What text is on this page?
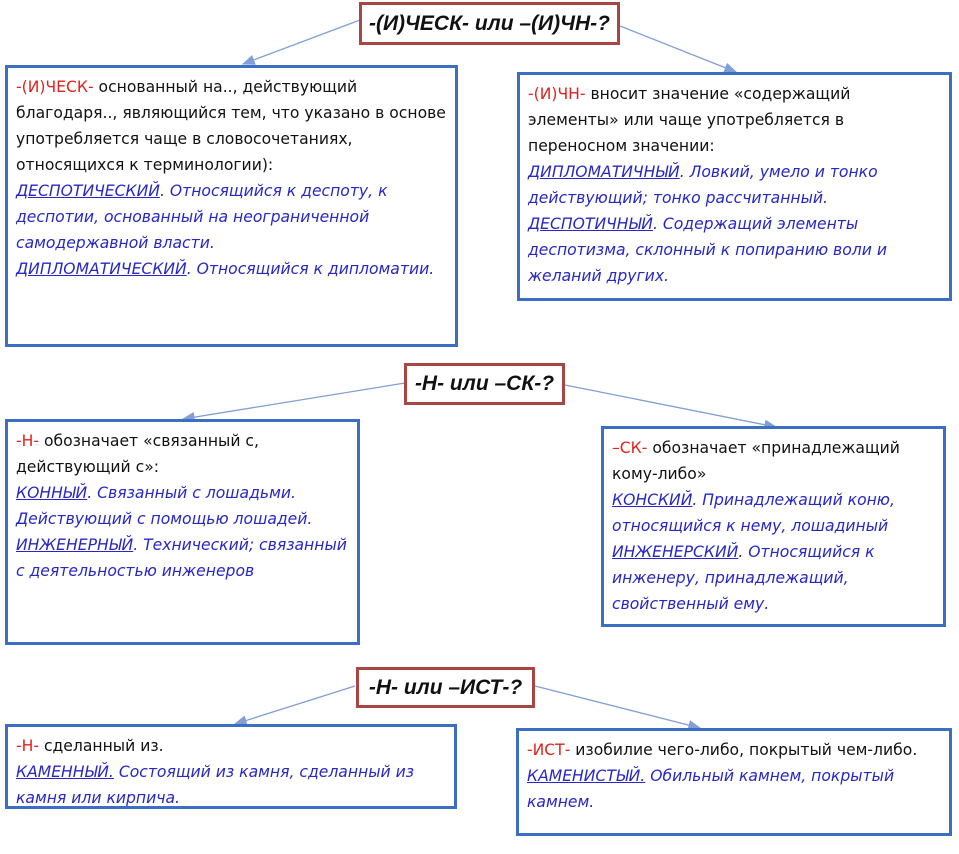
-(И)ЧЕСК- или –(И)ЧН-?
-(И)ЧЕСК- основанный на.., действующий благодаря.., являющийся тем, что указано в основе употребляется чаще в словосочетаниях, относящихся к терминологии):
ДЕСПОТИЧЕСКИЙ. Относящийся к деспоту, к деспотии, основанный на неограниченной самодержавной власти.
ДИПЛОМАТИЧЕСКИЙ. Относящийся к дипломатии.
-(И)ЧН- вносит значение «содержащий элементы» или чаще употребляется в переносном значении:
ДИПЛОМАТИЧНЫЙ. Ловкий, умело и тонко действующий; тонко рассчитанный.
ДЕСПОТИЧНЫЙ. Содержащий элементы деспотизма, склонный к попиранию воли и желаний других.
-Н- или –СК-?
-Н- обозначает «связанный с, действующий с»:
КОННЫЙ. Связанный с лошадьми. Действующий с помощью лошадей.
ИНЖЕНЕРНЫЙ. Технический; связанный с деятельностью инженеров
–СК- обозначает «принадлежащий кому-либо»
КОНСКИЙ. Принадлежащий коню, относящийся к нему, лошадиный
ИНЖЕНЕРСКИЙ. Относящийся к инженеру, принадлежащий, свойственный ему.
-Н- или –ИСТ-?
-Н- сделанный из.
КАМЕННЫЙ. Состоящий из камня, сделанный из камня или кирпича.
-ИСТ- изобилие чего-либо, покрытый чем-либо.
КАМЕНИСТЫЙ. Обильный камнем, покрытый камнем.
